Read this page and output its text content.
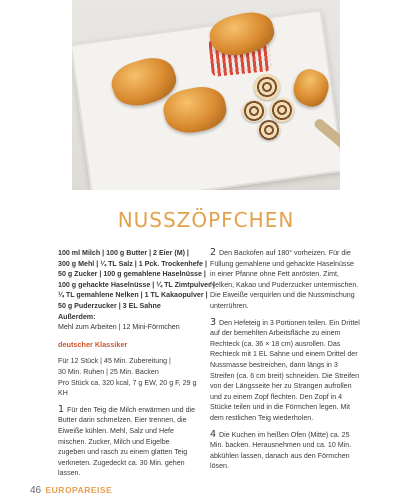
NUSSZÖPFCHEN
100 ml Milch | 100 g Butter | 2 Eier (M) |
300 g Mehl | ¼ TL Salz | 1 Pck. Trockenhefe |
50 g Zucker | 100 g gemahlene Haselnüsse |
100 g gehackte Haselnüsse | ¼ TL Zimtpulver |
¼ TL gemahlene Nelken | 1 TL Kakaopulver |
50 g Puderzucker | 3 EL Sahne
Außerdem:
Mehl zum Arbeiten | 12 Mini-Förmchen
deutscher Klassiker
Für 12 Stück | 45 Min. Zubereitung |
30 Min. Ruhen | 25 Min. Backen
Pro Stück ca. 320 kcal, 7 g EW, 20 g F, 29 g KH
1 Für den Teig die Milch erwärmen und die Butter darin schmelzen. Eier trennen, die Eiweiße kühlen. Mehl, Salz und Hefe mischen. Zucker, Milch und Eigelbe zugeben und rasch zu einem glatten Teig verkneten. Zugedeckt ca. 30 Min. gehen lassen.
2 Den Backofen auf 180° vorheizen. Für die Füllung gemahlene und gehackte Haselnüsse in einer Pfanne ohne Fett anrösten. Zimt, Nelken, Kakao und Puderzucker untermischen. Die Eiweiße verquirlen und die Nussmischung unterrühren.
3 Den Hefeteig in 3 Portionen teilen. Ein Drittel auf der bemehlten Arbeitsfläche zu einem Rechteck (ca. 36 × 18 cm) ausrollen. Das Rechteck mit 1 EL Sahne und einem Drittel der Nussmasse bestreichen, dann längs in 3 Streifen (ca. 6 cm breit) schneiden. Die Streifen von der Längsseite her zu Strangen aufrollen und zu einem Zopf flechten. Den Zopf in 4 Stücke teilen und in die Förmchen legen. Mit dem restlichen Teig wiederholen.
4 Die Kuchen im heißen Ofen (Mitte) ca. 25 Min. backen. Herausnehmen und ca. 10 Min. abkühlen lassen, danach aus den Förmchen lösen.
46 EUROPAREISE
